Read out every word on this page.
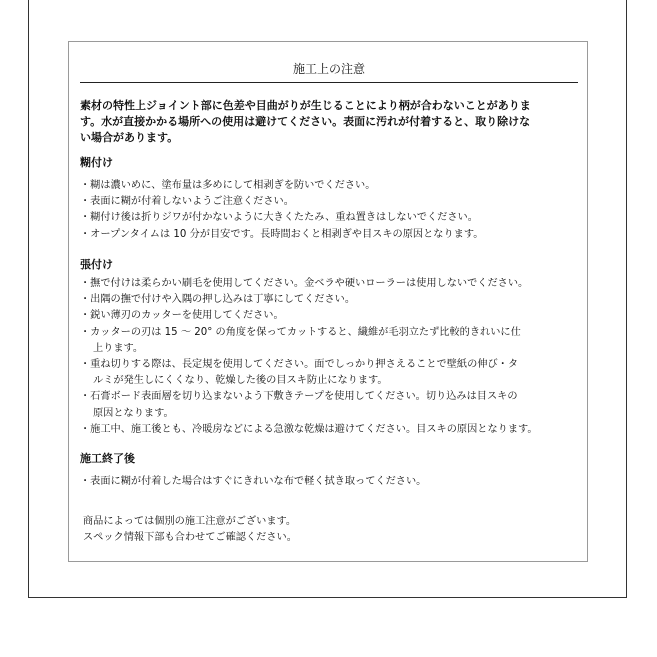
施工上の注意
素材の特性上ジョイント部に色差や目曲がりが生じることにより柄が合わないことがありま
す。水が直接かかる場所への使用は避けてください。表面に汚れが付着すると、取り除けな
い場合があります。
糊付け
・糊は濃いめに、塗布量は多めにして相剥ぎを防いでください。
・表面に糊が付着しないようご注意ください。
・糊付け後は折りジワが付かないように大きくたたみ、重ね置きはしないでください。
・オープンタイムは 10 分が目安です。長時間おくと相剥ぎや目スキの原因となります。
張付け
・撫で付けは柔らかい刷毛を使用してください。金ベラや硬いローラーは使用しないでください。
・出隅の撫で付けや入隅の押し込みは丁寧にしてください。
・鋭い薄刃のカッターを使用してください。
・カッターの刃は 15 ～ 20° の角度を保ってカットすると、繊維が毛羽立たず比較的きれいに仕
上ります。
・重ね切りする際は、長定規を使用してください。面でしっかり押さえることで壁紙の伸び・タ
ルミが発生しにくくなり、乾燥した後の目スキ防止になります。
・石膏ボード表面層を切り込まないよう下敷きテープを使用してください。切り込みは目スキの
原因となります。
・施工中、施工後とも、冷暖房などによる急激な乾燥は避けてください。目スキの原因となります。
施工終了後
・表面に糊が付着した場合はすぐにきれいな布で軽く拭き取ってください。
商品によっては個別の施工注意がございます。
スペック情報下部も合わせてご確認ください。
